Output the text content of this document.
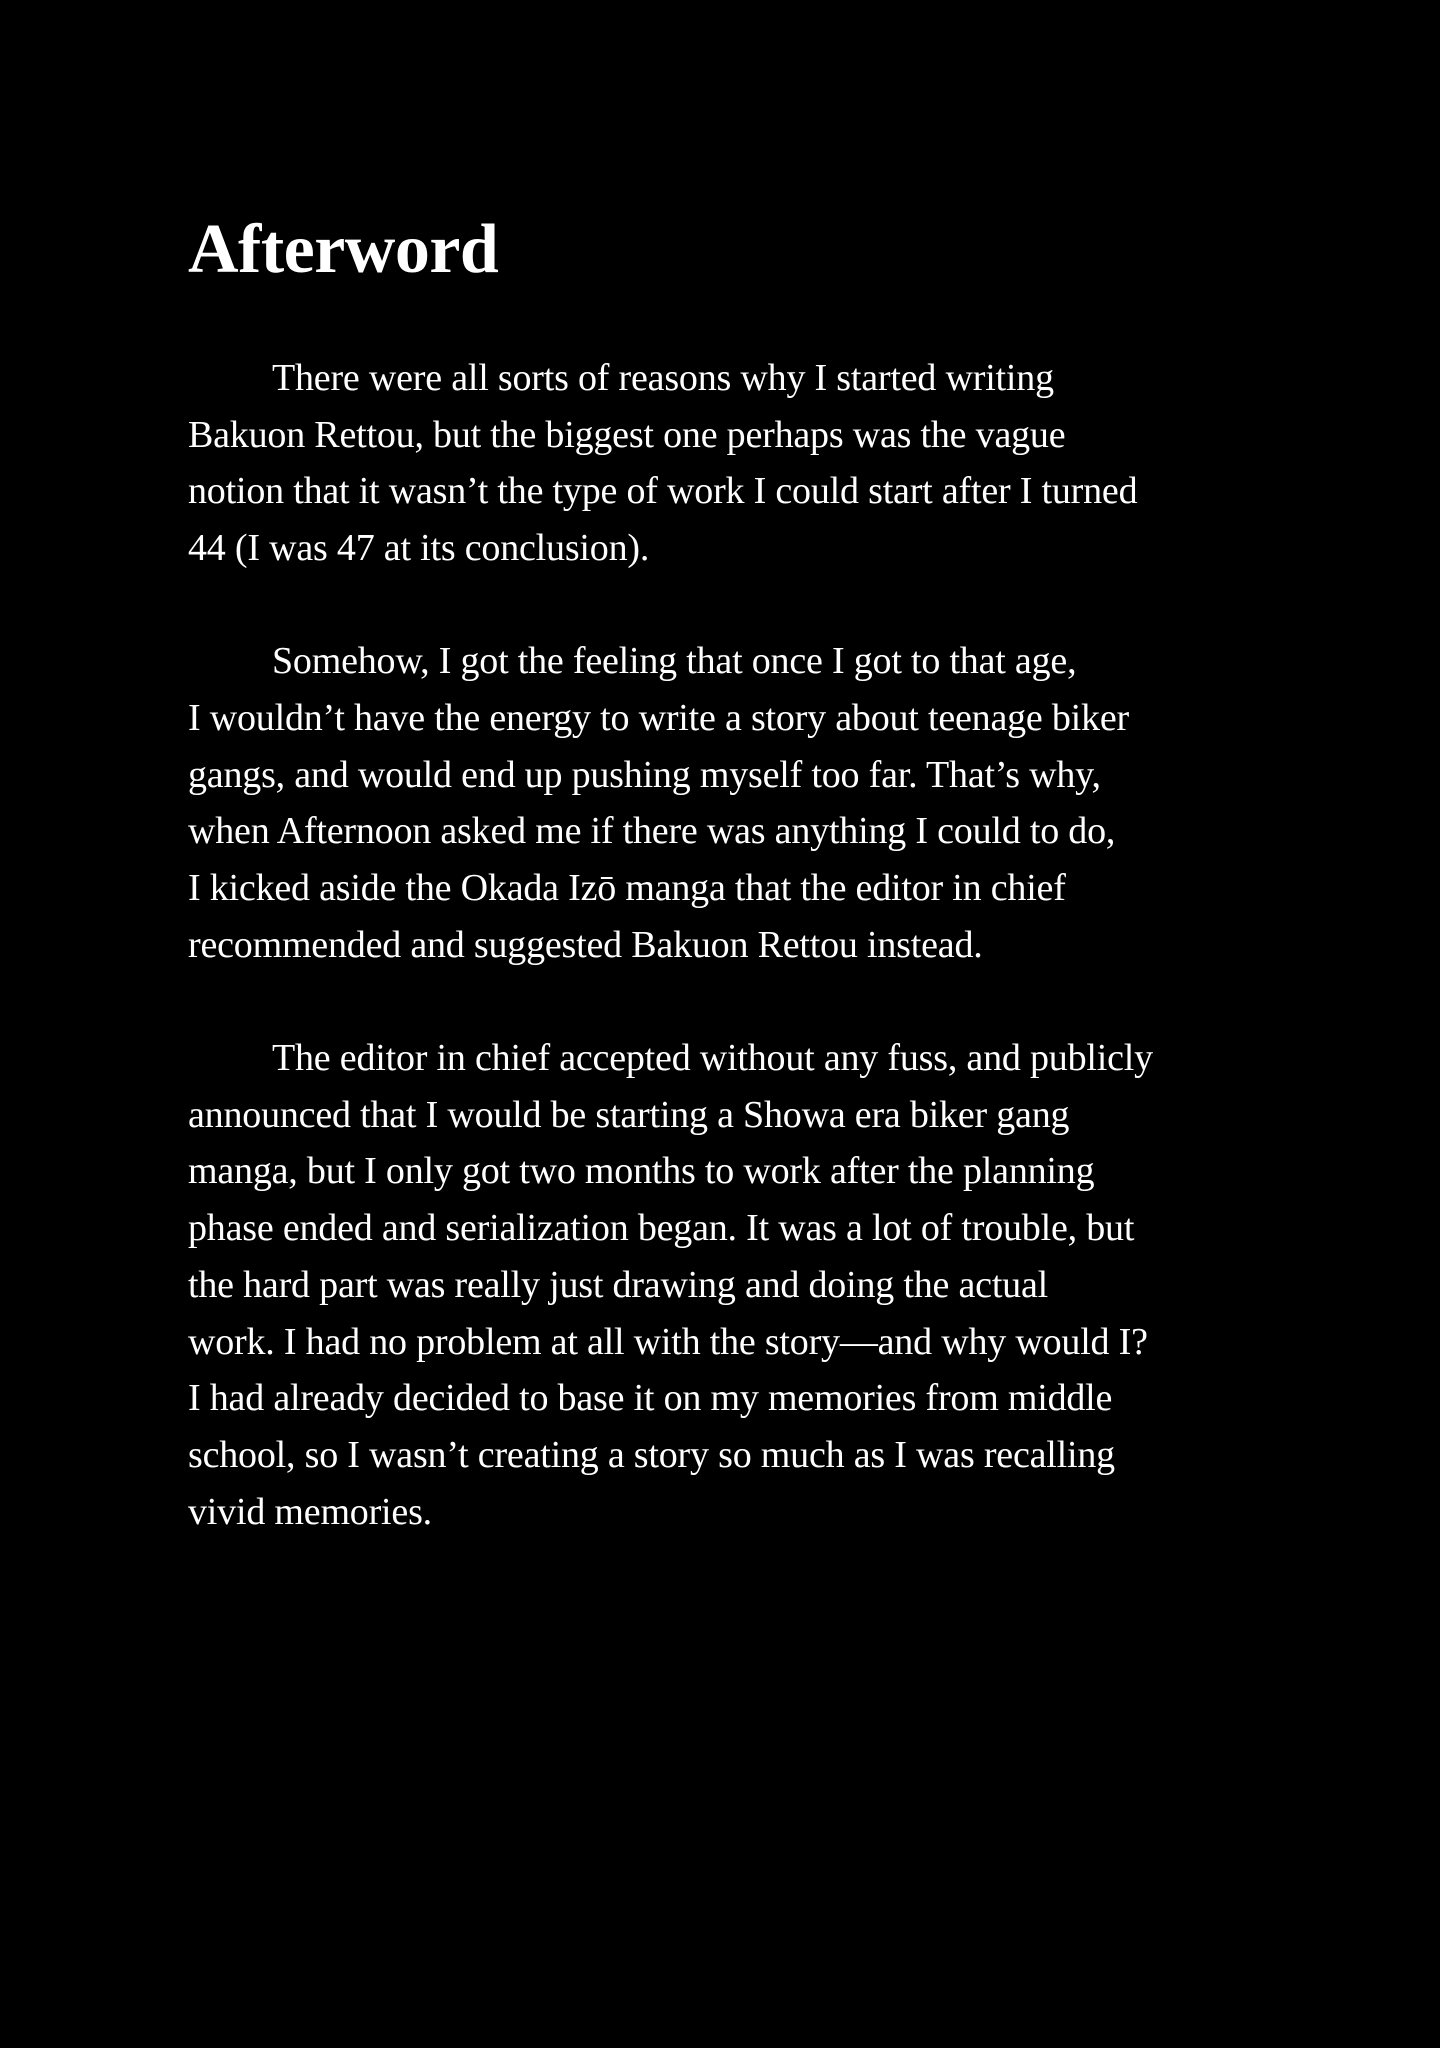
Afterword

There were all sorts of reasons why I started writing
Bakuon Rettou, but the biggest one perhaps was the vague
notion that it wasn’t the type of work I could start after I turned
44 (I was 47 at its conclusion).

Somehow, I got the feeling that once I got to that age,
I wouldn’t have the energy to write a story about teenage biker
gangs, and would end up pushing myself too far. That’s why,
when Afternoon asked me if there was anything I could to do,
I kicked aside the Okada Izō manga that the editor in chief
recommended and suggested Bakuon Rettou instead.

The editor in chief accepted without any fuss, and publicly
announced that I would be starting a Showa era biker gang
manga, but I only got two months to work after the planning
phase ended and serialization began. It was a lot of trouble, but
the hard part was really just drawing and doing the actual
work. I had no problem at all with the story—and why would I?
I had already decided to base it on my memories from middle
school, so I wasn’t creating a story so much as I was recalling
vivid memories.
